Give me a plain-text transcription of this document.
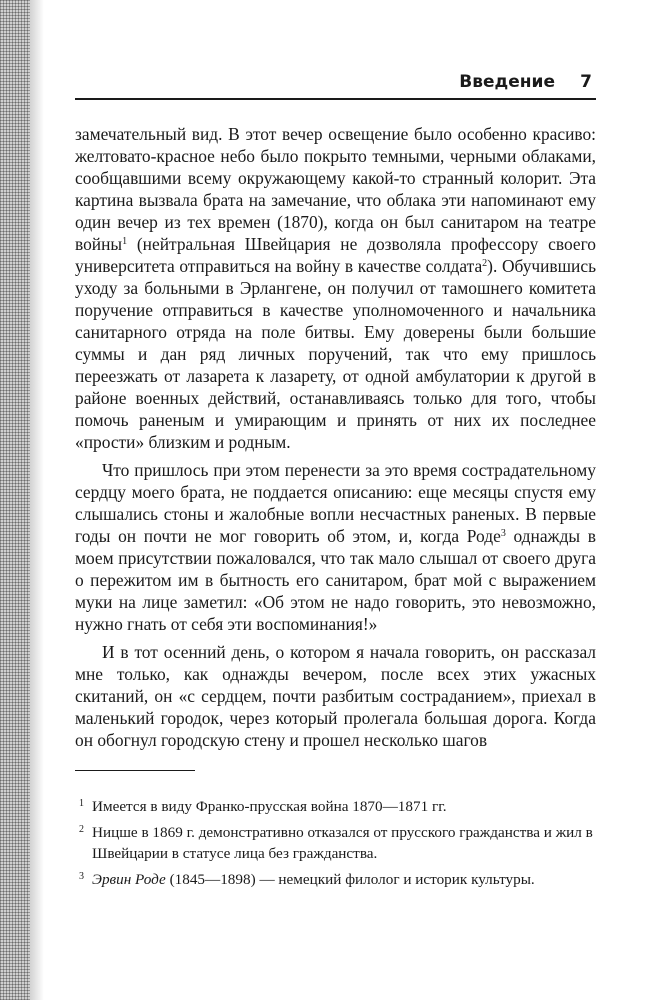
Введение 7

замечательный вид. В этот вечер освещение было особенно красиво: желтовато-красное небо было покрыто темными, черными облаками, сообщавшими всему окружающему какой-то странный колорит. Эта картина вызвала брата на замечание, что облака эти напоминают ему один вечер из тех времен (1870), когда он был санитаром на театре войны$^1$ (нейтральная Швейцария не дозволяла профессору своего университета отправиться на войну в качестве солдата$^2$). Обучившись уходу за больными в Эрлангене, он получил от тамошнего комитета поручение отправиться в качестве уполномоченного и начальника санитарного отряда на поле битвы. Ему доверены были большие суммы и дан ряд личных поручений, так что ему пришлось переезжать от лазарета к лазарету, от одной амбулатории к другой в районе военных действий, останавливаясь только для того, чтобы помочь раненым и умирающим и принять от них их последнее «прости» близким и родным.

Что пришлось при этом перенести за это время сострадательному сердцу моего брата, не поддается описанию: еще месяцы спустя ему слышались стоны и жалобные вопли несчастных раненых. В первые годы он почти не мог говорить об этом, и, когда Роде$^3$ однажды в моем присутствии пожаловался, что так мало слышал от своего друга о пережитом им в бытность его санитаром, брат мой с выражением муки на лице заметил: «Об этом не надо говорить, это невозможно, нужно гнать от себя эти воспоминания!»

И в тот осенний день, о котором я начала говорить, он рассказал мне только, как однажды вечером, после всех этих ужасных скитаний, он «с сердцем, почти разбитым состраданием», приехал в маленький городок, через который пролегала большая дорога. Когда он обогнул городскую стену и прошел несколько шагов

1 Имеется в виду Франко-прусская война 1870—1871 гг.
2 Ницше в 1869 г. демонстративно отказался от прусского гражданства и жил в Швейцарии в статусе лица без гражданства.
3 Эрвин Роде (1845—1898) — немецкий филолог и историк культуры.
